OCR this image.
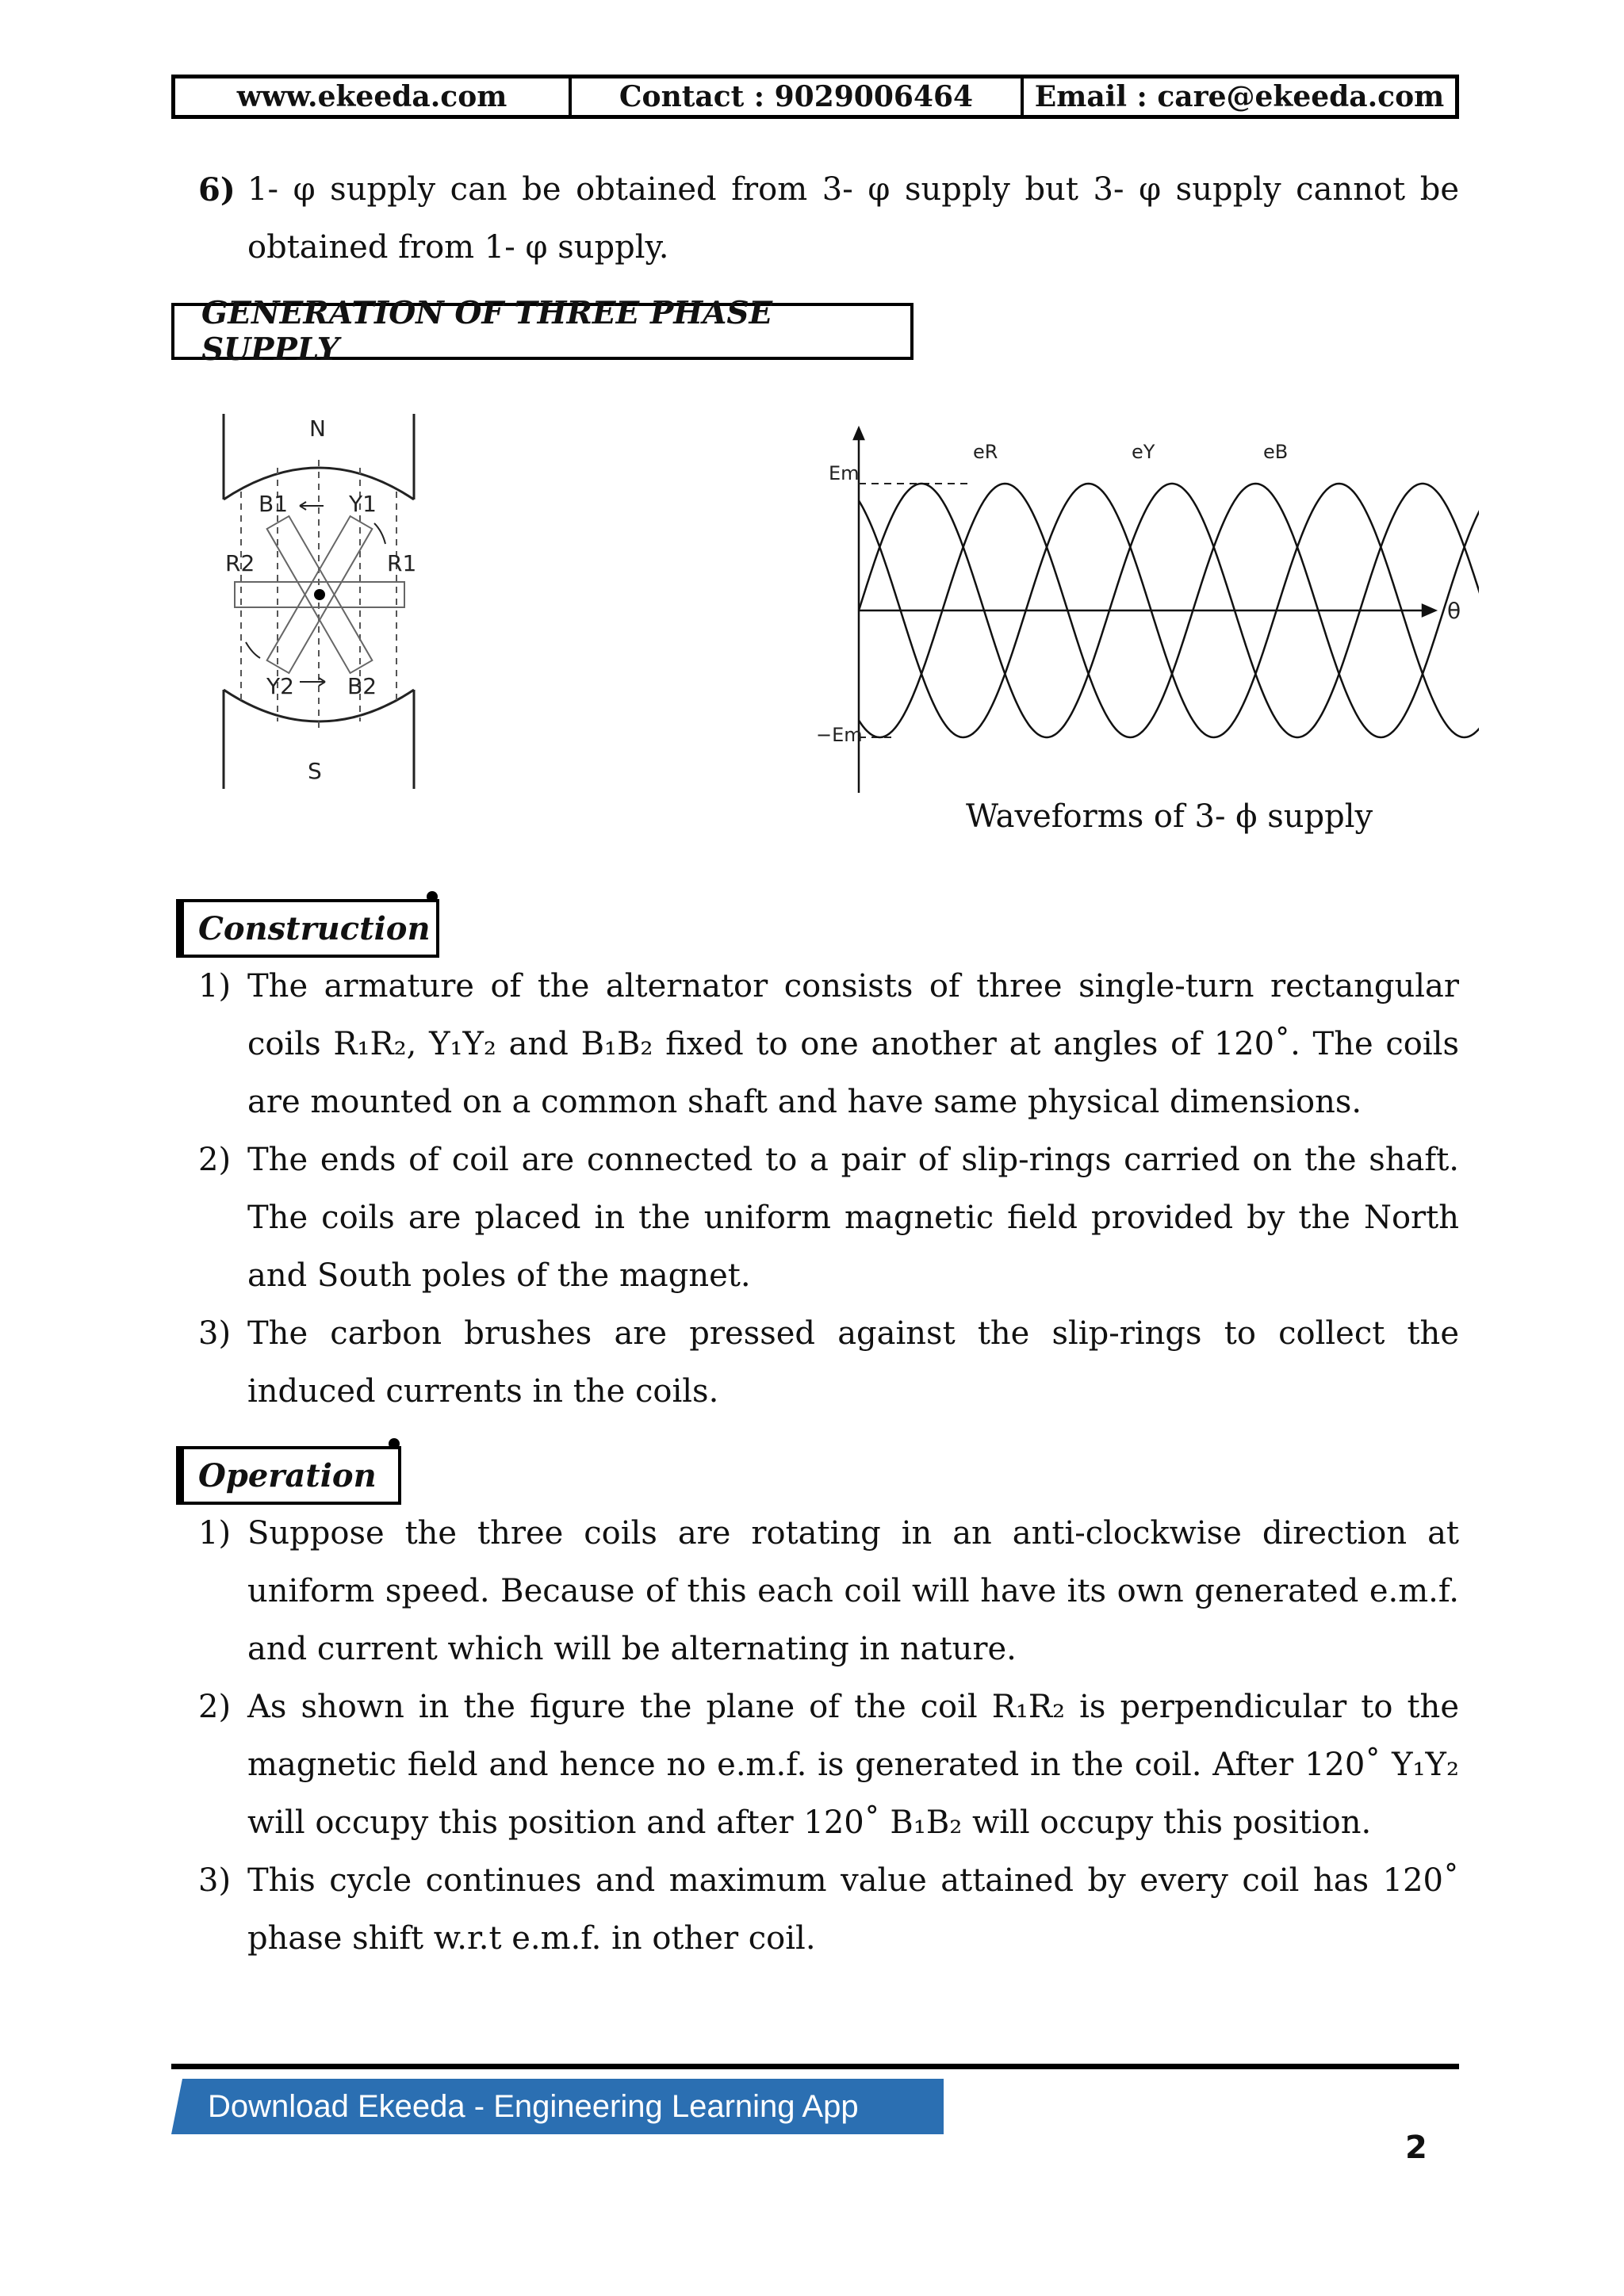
www.ekeeda.com	Contact : 9029006464	Email : care@ekeeda.com
6) 1- φ supply can be obtained from 3- φ supply but 3- φ supply cannot be
obtained from 1- φ supply.
GENERATION OF THREE PHASE SUPPLY
N
S
B1	Y1
R2	R1
Y2 B2
Em
−Em
θ
eR	eY	eB
Waveforms of 3- ϕ supply
Construction
1) The armature of the alternator consists of three single-turn rectangular
coils R₁R₂, Y₁Y₂ and B₁B₂ fixed to one another at angles of 120˚. The coils
are mounted on a common shaft and have same physical dimensions.
2) The ends of coil are connected to a pair of slip-rings carried on the shaft.
The coils are placed in the uniform magnetic field provided by the North
and South poles of the magnet.
3) The carbon brushes are pressed against the slip-rings to collect the
induced currents in the coils.
Operation
1) Suppose the three coils are rotating in an anti-clockwise direction at
uniform speed. Because of this each coil will have its own generated e.m.f.
and current which will be alternating in nature.
2) As shown in the figure the plane of the coil R₁R₂ is perpendicular to the
magnetic field and hence no e.m.f. is generated in the coil. After 120˚ Y₁Y₂
will occupy this position and after 120˚ B₁B₂ will occupy this position.
3) This cycle continues and maximum value attained by every coil has 120˚
phase shift w.r.t e.m.f. in other coil.
Download Ekeeda - Engineering Learning App
2
